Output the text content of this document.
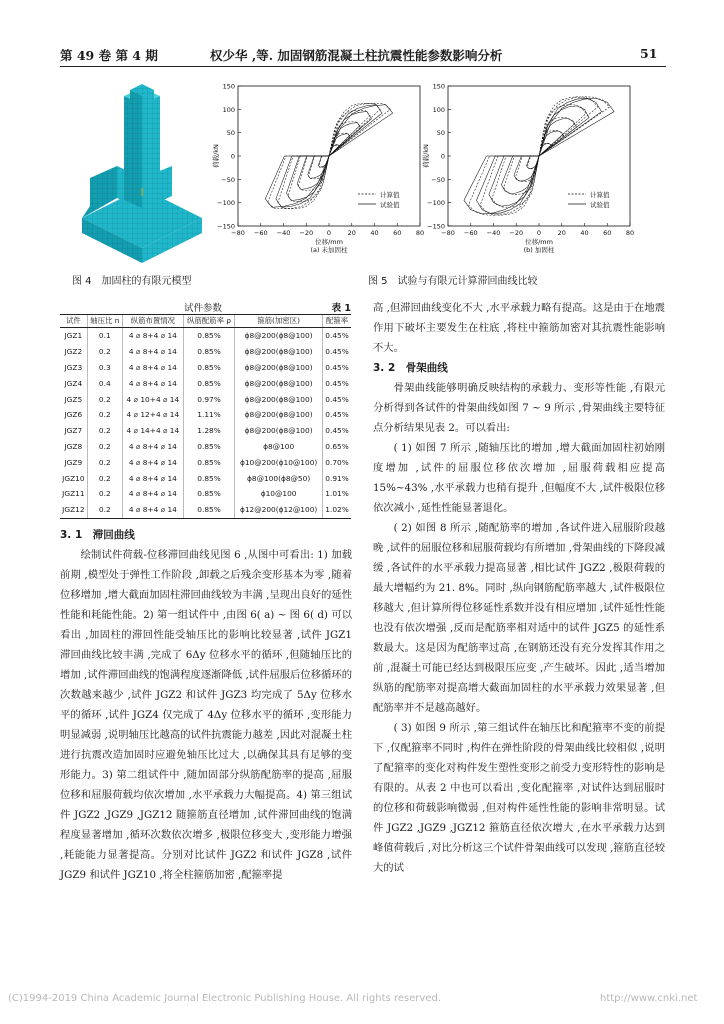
第 49 卷 第 4 期	权少华 ,等. 加固钢筋混凝土柱抗震性能参数影响分析	51
图 4　加固柱的有限元模型
−80 −60 −40 −20 0	20 40 60 80
150
100
50
0
−50
−100
−150
计算值
试验值
荷载/kN
位移/mm
(a) 未加固柱
−80 −60 −40 −20 0	20 40 60 80
150
100
50
0
−50
−100
−150
计算值
试验值
荷载/kN
位移/mm
(b) 加固柱
图 5　试验与有限元计算滞回曲线比较
试件参数	表 1
试件	轴压比 n	纵筋布置情况	纵筋配筋率 ρ	箍筋(加密区)	配箍率
JGZ1	0.1	4 ⌀ 8+4 ⌀ 14	0.85%	ɸ8@200(ɸ8@100)	0.45%
JGZ2	0.2	4 ⌀ 8+4 ⌀ 14	0.85%	ɸ8@200(ɸ8@100)	0.45%
JGZ3	0.3	4 ⌀ 8+4 ⌀ 14	0.85%	ɸ8@200(ɸ8@100)	0.45%
JGZ4	0.4	4 ⌀ 8+4 ⌀ 14	0.85%	ɸ8@200(ɸ8@100)	0.45%
JGZ5	0.2	4 ⌀ 10+4 ⌀ 14	0.97%	ɸ8@200(ɸ8@100)	0.45%
JGZ6	0.2	4 ⌀ 12+4 ⌀ 14	1.11%	ɸ8@200(ɸ8@100)	0.45%
JGZ7	0.2	4 ⌀ 14+4 ⌀ 14	1.28%	ɸ8@200(ɸ8@100)	0.45%
JGZ8	0.2	4 ⌀ 8+4 ⌀ 14	0.85%	ɸ8@100	0.65%
JGZ9	0.2	4 ⌀ 8+4 ⌀ 14	0.85%	ɸ10@200(ɸ10@100)	0.70%
JGZ10	0.2	4 ⌀ 8+4 ⌀ 14	0.85%	ɸ8@100(ɸ8@50)	0.91%
JGZ11	0.2	4 ⌀ 8+4 ⌀ 14	0.85%	ɸ10@100	1.01%
JGZ12	0.2	4 ⌀ 8+4 ⌀ 14	0.85%	ɸ12@200(ɸ12@100)	1.02%
3. 1　滞回曲线

绘制试件荷载-位移滞回曲线见图 6 ,从图中可看出: 1) 加载前期 ,模型处于弹性工作阶段 ,卸载之后残余变形基本为零 ,随着位移增加 ,增大截面加固柱滞回曲线较为丰满 ,呈现出良好的延性性能和耗能性能。2) 第一组试件中 ,由图 6( a) ~ 图 6( d) 可以看出 ,加固柱的滞回性能受轴压比的影响比较显著 ,试件 JGZ1 滞回曲线比较丰满 ,完成了 6Δy 位移水平的循环 ,但随轴压比的增加 ,试件滞回曲线的饱满程度逐渐降低 ,试件屈服后位移循环的次数越来越少 ,试件 JGZ2 和试件 JGZ3 均完成了 5Δy 位移水平的循环 ,试件 JGZ4 仅完成了 4Δy 位移水平的循环 ,变形能力明显减弱 ,说明轴压比越高的试件抗震能力越差 ,因此对混凝土柱进行抗震改造加固时应避免轴压比过大 ,以确保其具有足够的变形能力。3) 第二组试件中 ,随加固部分纵筋配筋率的提高 ,屈服位移和屈服荷载均依次增加 ,水平承载力大幅提高。4) 第三组试件 JGZ2 ,JGZ9 ,JGZ12 随箍筋直径增加 ,试件滞回曲线的饱满程度显著增加 ,循环次数依次增多 ,极限位移变大 ,变形能力增强 ,耗能能力显著提高。分别对比试件 JGZ2 和试件 JGZ8 ,试件 JGZ9 和试件 JGZ10 ,将全柱箍筋加密 ,配箍率提

高 ,但滞回曲线变化不大 ,水平承载力略有提高。这是由于在地震作用下破坏主要发生在柱底 ,将柱中箍筋加密对其抗震性能影响不大。

3. 2　骨架曲线

骨架曲线能够明确反映结构的承载力、变形等性能 ,有限元分析得到各试件的骨架曲线如图 7 ~ 9 所示 ,骨架曲线主要特征点分析结果见表 2。可以看出:

( 1) 如图 7 所示 ,随轴压比的增加 ,增大截面加固柱初始刚度增加 ,试件的屈服位移依次增加 ,屈服荷载相应提高 15%~43% ,水平承载力也稍有提升 ,但幅度不大 ,试件极限位移依次减小 ,延性性能显著退化。

( 2) 如图 8 所示 ,随配筋率的增加 ,各试件进入屈服阶段越晚 ,试件的屈服位移和屈服荷载均有所增加 ,骨架曲线的下降段减缓 ,各试件的水平承载力提高显著 ,相比试件 JGZ2 ,极限荷载的最大增幅约为 21. 8%。同时 ,纵向钢筋配筋率越大 ,试件极限位移越大 ,但计算所得位移延性系数并没有相应增加 ,试件延性性能也没有依次增强 ,反而是配筋率相对适中的试件 JGZ5 的延性系数最大。这是因为配筋率过高 ,在钢筋还没有充分发挥其作用之前 ,混凝土可能已经达到极限压应变 ,产生破坏。因此 ,适当增加纵筋的配筋率对提高增大截面加固柱的水平承载力效果显著 ,但配筋率并不是越高越好。

( 3) 如图 9 所示 ,第三组试件在轴压比和配箍率不变的前提下 ,仅配箍率不同时 ,构件在弹性阶段的骨架曲线比较相似 ,说明了配箍率的变化对构件发生塑性变形之前受力变形特性的影响是有限的。从表 2 中也可以看出 ,变化配箍率 ,对试件达到屈服时的位移和荷载影响微弱 ,但对构件延性性能的影响非常明显。试件 JGZ2 ,JGZ9 ,JGZ12 箍筋直径依次增大 ,在水平承载力达到峰值荷载后 ,对比分析这三个试件骨架曲线可以发现 ,箍筋直径较大的试

(C)1994-2019 China Academic Journal Electronic Publishing House. All rights reserved.	http://www.cnki.net
